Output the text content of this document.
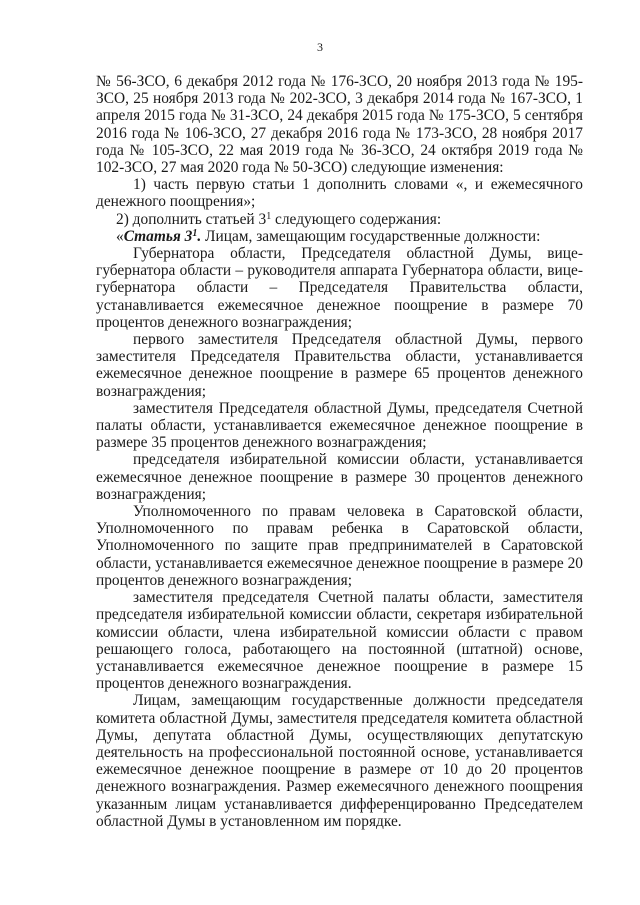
3

№ 56-ЗСО, 6 декабря 2012 года № 176-ЗСО, 20 ноября 2013 года № 195-ЗСО, 25 ноября 2013 года № 202-ЗСО, 3 декабря 2014 года № 167-ЗСО, 1 апреля 2015 года № 31-ЗСО, 24 декабря 2015 года № 175-ЗСО, 5 сентября 2016 года № 106-ЗСО, 27 декабря 2016 года № 173-ЗСО, 28 ноября 2017 года № 105-ЗСО, 22 мая 2019 года № 36-ЗСО, 24 октября 2019 года № 102-ЗСО, 27 мая 2020 года № 50-ЗСО) следующие изменения:

1) часть первую статьи 1 дополнить словами «, и ежемесячного денежного поощрения»;

2) дополнить статьей $3^1$ следующего содержания:

«Статья $3^1$. Лицам, замещающим государственные должности:

Губернатора области, Председателя областной Думы, вице-губернатора области – руководителя аппарата Губернатора области, вице-губернатора области – Председателя Правительства области, устанавливается ежемесячное денежное поощрение в размере 70 процентов денежного вознаграждения;

первого заместителя Председателя областной Думы, первого заместителя Председателя Правительства области, устанавливается ежемесячное денежное поощрение в размере 65 процентов денежного вознаграждения;

заместителя Председателя областной Думы, председателя Счетной палаты области, устанавливается ежемесячное денежное поощрение в размере 35 процентов денежного вознаграждения;

председателя избирательной комиссии области, устанавливается ежемесячное денежное поощрение в размере 30 процентов денежного вознаграждения;

Уполномоченного по правам человека в Саратовской области, Уполномоченного по правам ребенка в Саратовской области, Уполномоченного по защите прав предпринимателей в Саратовской области, устанавливается ежемесячное денежное поощрение в размере 20 процентов денежного вознаграждения;

заместителя председателя Счетной палаты области, заместителя председателя избирательной комиссии области, секретаря избирательной комиссии области, члена избирательной комиссии области с правом решающего голоса, работающего на постоянной (штатной) основе, устанавливается ежемесячное денежное поощрение в размере 15 процентов денежного вознаграждения.

Лицам, замещающим государственные должности председателя комитета областной Думы, заместителя председателя комитета областной Думы, депутата областной Думы, осуществляющих депутатскую деятельность на профессиональной постоянной основе, устанавливается ежемесячное денежное поощрение в размере от 10 до 20 процентов денежного вознаграждения. Размер ежемесячного денежного поощрения указанным лицам устанавливается дифференцированно Председателем областной Думы в установленном им порядке.
